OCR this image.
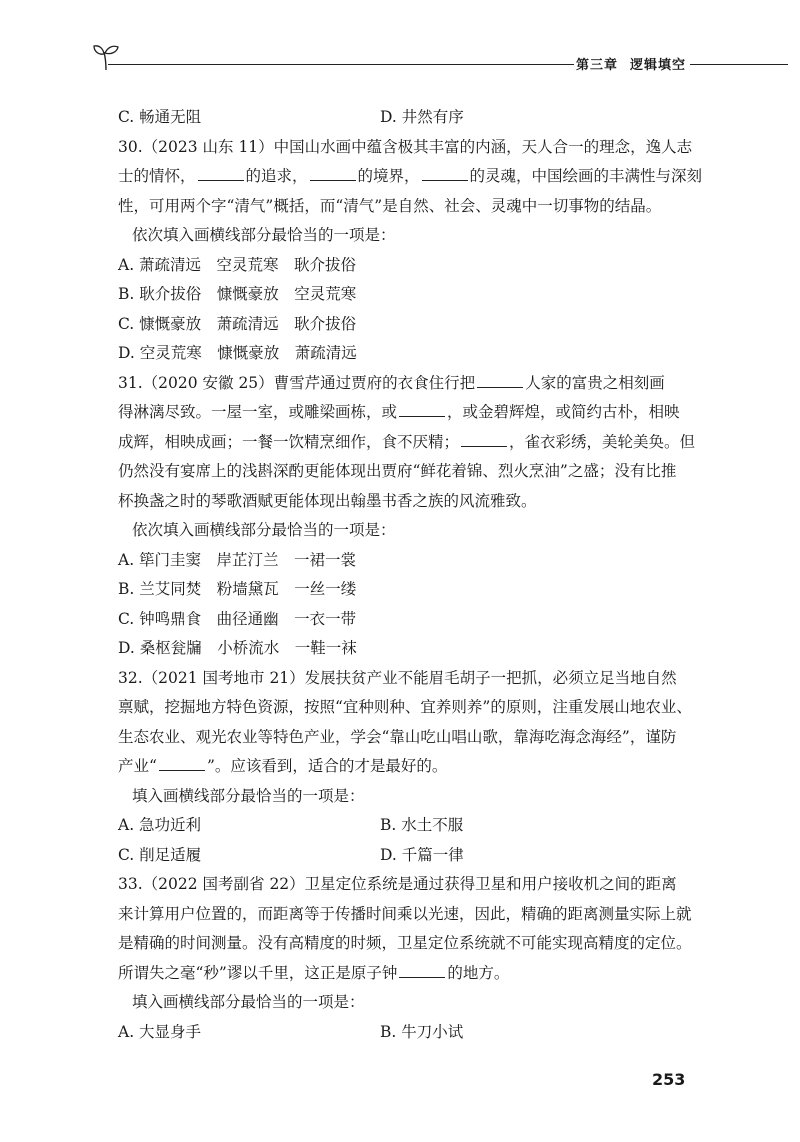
第三章 逻辑填空
C. 畅通无阻	D. 井然有序
30.（2023 山东 11）中国山水画中蕴含极其丰富的内涵，天人合一的理念，逸人志
士的情怀，	的追求，	的境界，	的灵魂，中国绘画的丰满性与深刻
性，可用两个字“清气”概括，而“清气”是自然、社会、灵魂中一切事物的结晶。
依次填入画横线部分最恰当的一项是：
A. 萧疏清远　空灵荒寒　耿介拔俗
B. 耿介拔俗　慷慨豪放　空灵荒寒
C. 慷慨豪放　萧疏清远　耿介拔俗
D. 空灵荒寒　慷慨豪放　萧疏清远
31.（2020 安徽 25）曹雪芹通过贾府的衣食住行把	人家的富贵之相刻画
得淋漓尽致。一屋一室，或雕梁画栋，或	，或金碧辉煌，或简约古朴，相映
成辉，相映成画；一餐一饮精烹细作，食不厌精；	，雀衣彩绣，美轮美奂。但
仍然没有宴席上的浅斟深酌更能体现出贾府“鲜花着锦、烈火烹油”之盛；没有比推
杯换盏之时的琴歌酒赋更能体现出翰墨书香之族的风流雅致。
依次填入画横线部分最恰当的一项是：
A. 筚门圭窦　岸芷汀兰　一裙一裳
B. 兰艾同焚　粉墙黛瓦　一丝一缕
C. 钟鸣鼎食　曲径通幽　一衣一带
D. 桑枢瓮牖　小桥流水　一鞋一袜
32.（2021 国考地市 21）发展扶贫产业不能眉毛胡子一把抓，必须立足当地自然
禀赋，挖掘地方特色资源，按照“宜种则种、宜养则养”的原则，注重发展山地农业、
生态农业、观光农业等特色产业，学会“靠山吃山唱山歌，靠海吃海念海经”，谨防
产业“	”。应该看到，适合的才是最好的。
填入画横线部分最恰当的一项是：
A. 急功近利	B. 水土不服
C. 削足适履	D. 千篇一律
33.（2022 国考副省 22）卫星定位系统是通过获得卫星和用户接收机之间的距离
来计算用户位置的，而距离等于传播时间乘以光速，因此，精确的距离测量实际上就
是精确的时间测量。没有高精度的时频，卫星定位系统就不可能实现高精度的定位。
所谓失之毫“秒”谬以千里，这正是原子钟	的地方。
填入画横线部分最恰当的一项是：
A. 大显身手	B. 牛刀小试
253
